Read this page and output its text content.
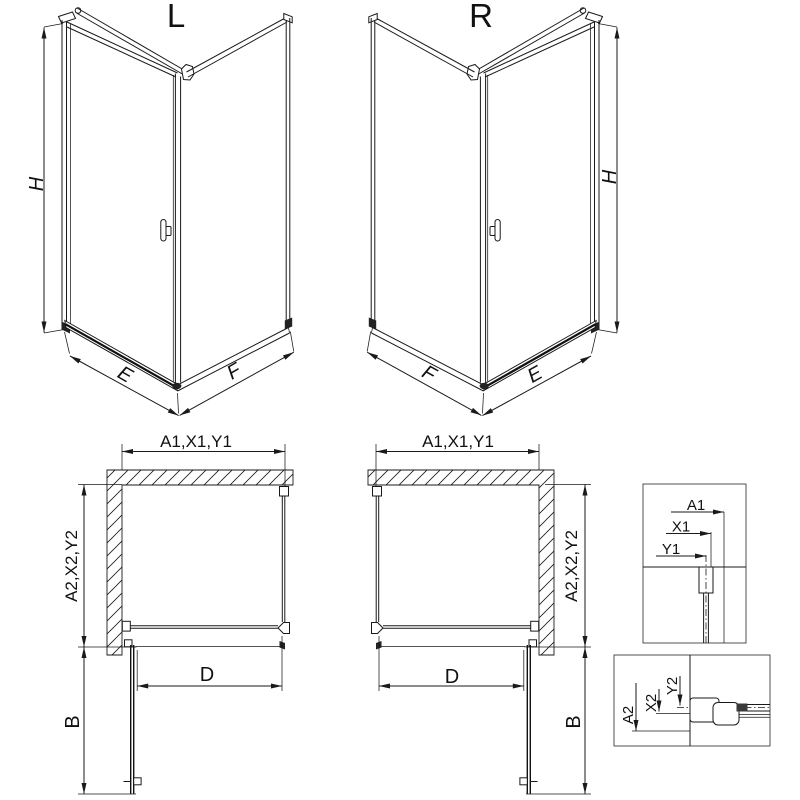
L
H
E	F
R
H
F	E
A1,X1,Y1
A2,X2,Y2
D
B
A1,X1,Y1
A2,X2,Y2
D
B
A1
X1
Y1
A2
X2
Y2
